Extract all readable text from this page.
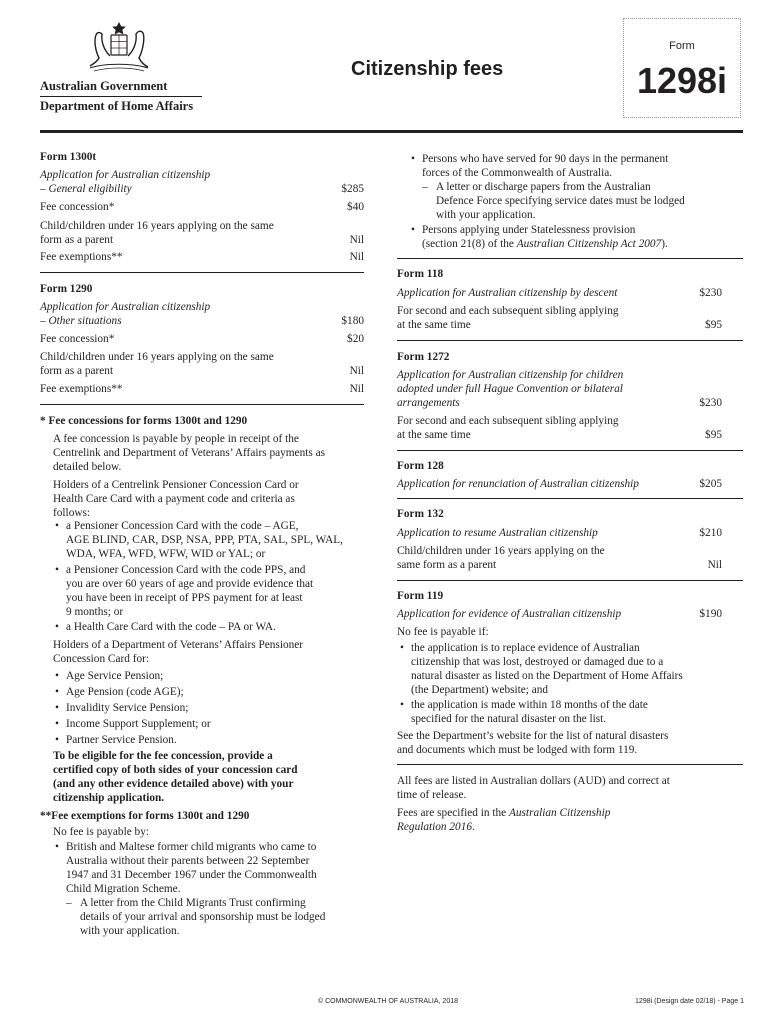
Australian Government
Department of Home Affairs
Citizenship fees
Form
1298i
Form 1300t
Application for Australian citizenship
– General eligibility	$285
Fee concession*	$40
Child/children under 16 years applying on the same
form as a parent	Nil
Fee exemptions**	Nil
Form 1290
Application for Australian citizenship
– Other situations	$180
Fee concession*	$20
Child/children under 16 years applying on the same
form as a parent	Nil
Fee exemptions**	Nil
* Fee concessions for forms 1300t and 1290
A fee concession is payable by people in receipt of the
Centrelink and Department of Veterans’ Affairs payments as
detailed below.
Holders of a Centrelink Pensioner Concession Card or
Health Care Card with a payment code and criteria as
follows:
• a Pensioner Concession Card with the code – AGE,
AGE BLIND, CAR, DSP, NSA, PPP, PTA, SAL, SPL, WAL,
WDA, WFA, WFD, WFW, WID or YAL; or
• a Pensioner Concession Card with the code PPS, and
you are over 60 years of age and provide evidence that
you have been in receipt of PPS payment for at least
9 months; or
• a Health Care Card with the code – PA or WA.
Holders of a Department of Veterans’ Affairs Pensioner
Concession Card for:
• Age Service Pension;
• Age Pension (code AGE);
• Invalidity Service Pension;
• Income Support Supplement; or
• Partner Service Pension.
To be eligible for the fee concession, provide a
certified copy of both sides of your concession card
(and any other evidence detailed above) with your
citizenship application.
**Fee exemptions for forms 1300t and 1290
No fee is payable by:
• British and Maltese former child migrants who came to
Australia without their parents between 22 September
1947 and 31 December 1967 under the Commonwealth
Child Migration Scheme.
– A letter from the Child Migrants Trust confirming
details of your arrival and sponsorship must be lodged
with your application.
• Persons who have served for 90 days in the permanent
forces of the Commonwealth of Australia.
– A letter or discharge papers from the Australian
Defence Force specifying service dates must be lodged
with your application.
• Persons applying under Statelessness provision
(section 21(8) of the Australian Citizenship Act 2007).
Form 118
Application for Australian citizenship by descent	$230
For second and each subsequent sibling applying
at the same time	$95
Form 1272
Application for Australian citizenship for children
adopted under full Hague Convention or bilateral
arrangements	$230
For second and each subsequent sibling applying
at the same time	$95
Form 128
Application for renunciation of Australian citizenship	$205
Form 132
Application to resume Australian citizenship	$210
Child/children under 16 years applying on the
same form as a parent	Nil
Form 119
Application for evidence of Australian citizenship	$190
No fee is payable if:
• the application is to replace evidence of Australian
citizenship that was lost, destroyed or damaged due to a
natural disaster as listed on the Department of Home Affairs
(the Department) website; and
• the application is made within 18 months of the date
specified for the natural disaster on the list.
See the Department’s website for the list of natural disasters
and documents which must be lodged with form 119.
All fees are listed in Australian dollars (AUD) and correct at
time of release.
Fees are specified in the Australian Citizenship
Regulation 2016.
© COMMONWEALTH OF AUSTRALIA, 2018	1298i (Design date 02/18) - Page 1
